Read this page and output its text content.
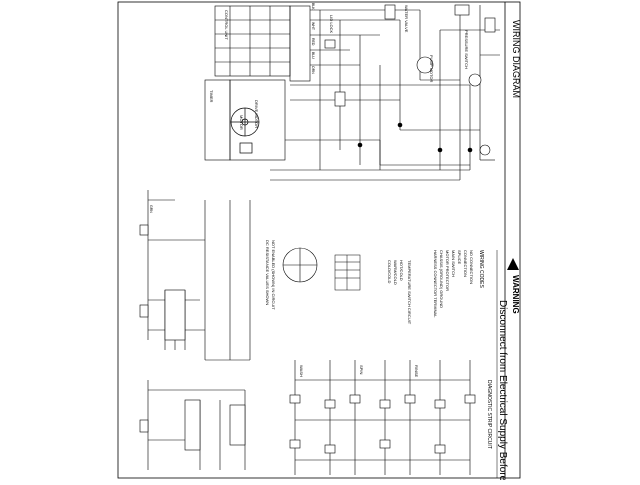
!
WIRING DIAGRAM
WARNING
Disconnect from Electrical Supply Before
DIAGNOSTIC STRIP CIRCUIT
WIRING CODES
NO CONNECTION
CONNECTION
SPLICE
MAIN SWITCH
MOTOR PROTECTOR
CHASSIS (GROUND) GROUND
HARNESS CONNECTOR TERMINAL
TEMPERATURE SWITCH CIRCUIT
HOT/COLD
WARM/COLD
COLD/COLD
MOTOR
NOT ENABLED (SHOWN) IN CIRCUIT
DC RESISTANCE VALUES SHOWN
TIMER
LID LOCK
PUMP MOTOR
DRIVE MOTOR
WATER VALVE
PRESSURE SWITCH
CONTROL UNIT
WASH	SPIN	RINSE
BLK
WHT
RED
BLU
ORN
GRN
